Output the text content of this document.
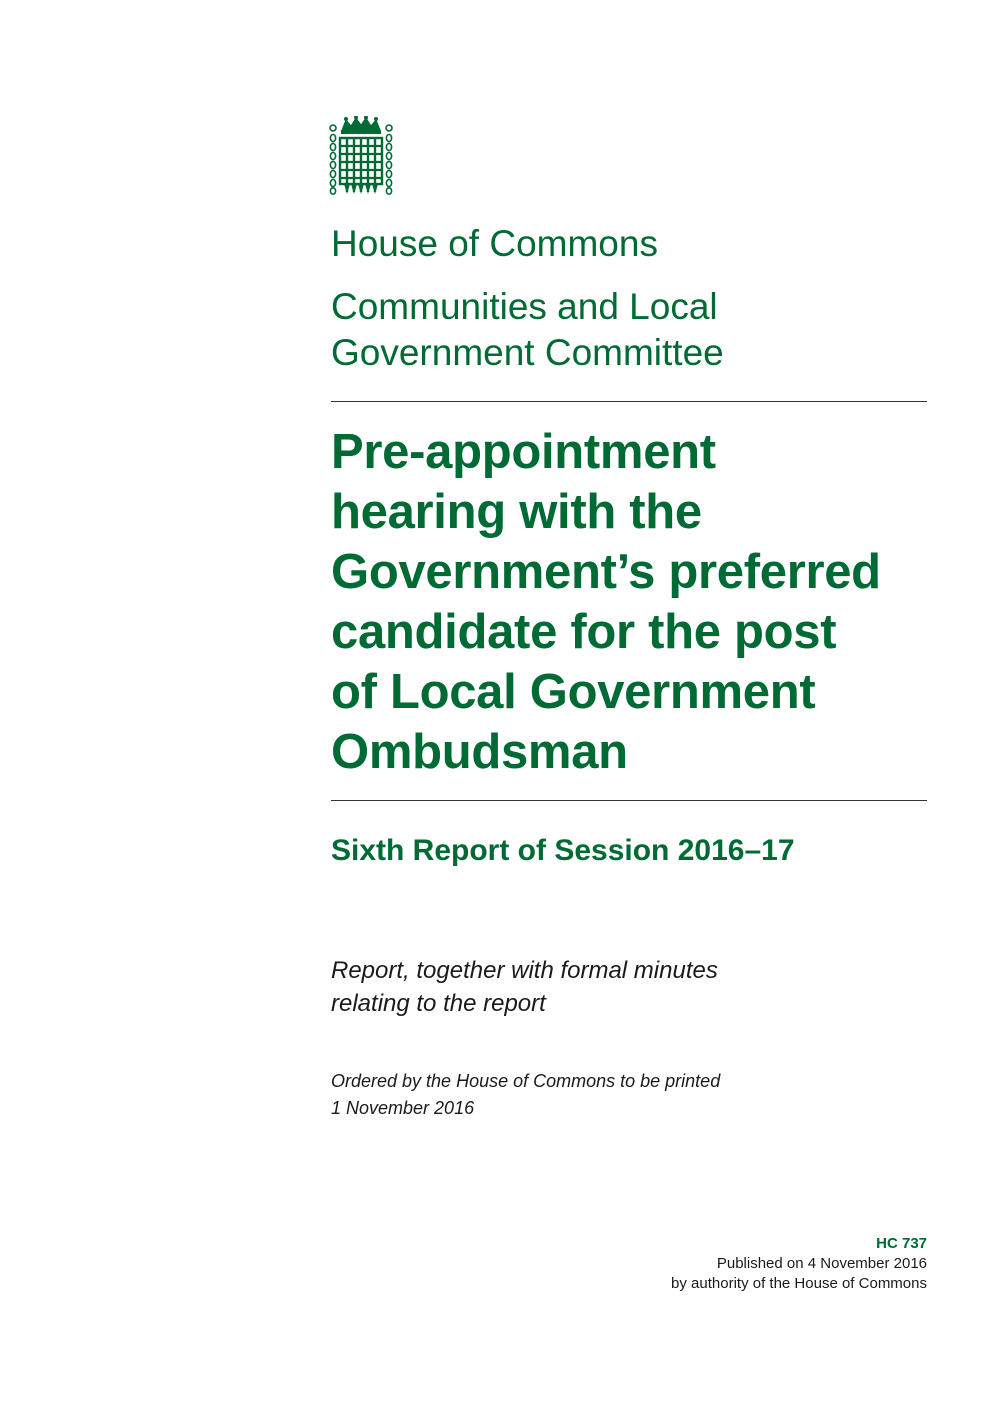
House of Commons
Communities and Local
Government Committee
Pre-appointment
hearing with the
Government’s preferred
candidate for the post
of Local Government
Ombudsman
Sixth Report of Session 2016–17

Report, together with formal minutes
relating to the report

Ordered by the House of Commons to be printed
1 November 2016

HC 737
Published on 4 November 2016
by authority of the House of Commons
